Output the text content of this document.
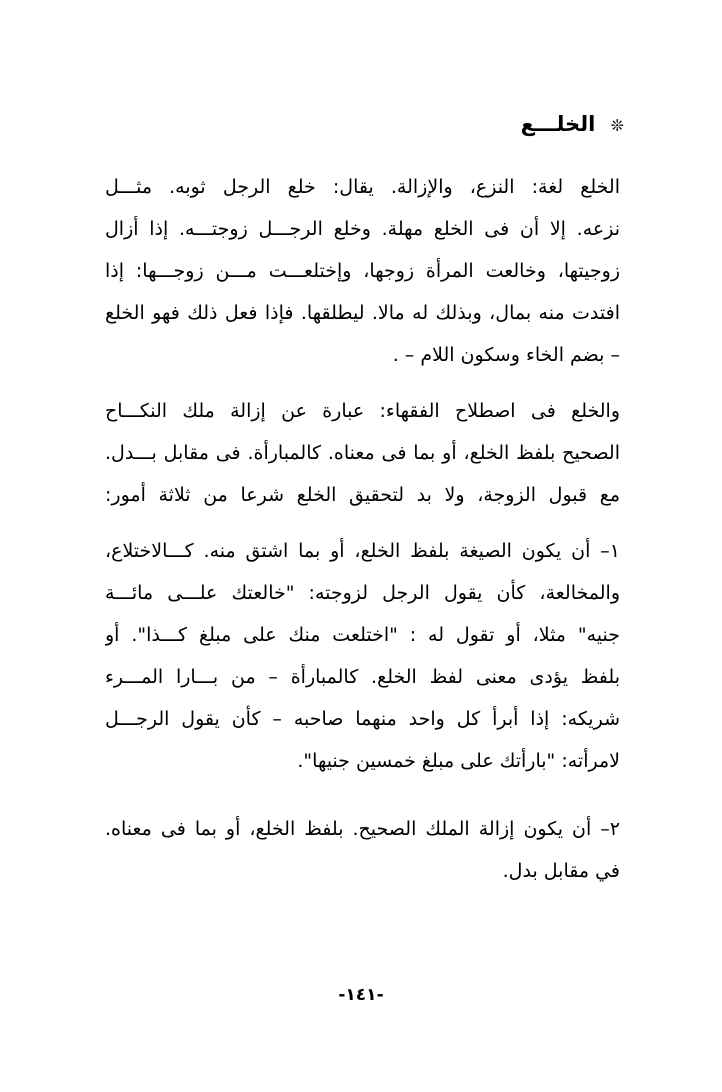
❊ الخلـــع
الخلع لغة: النزع، والإزالة. يقال: خلع الرجل ثوبه. مثـــل
نزعه. إلا أن فى الخلع مهلة. وخلع الرجـــل زوجتـــه. إذا أزال
زوجيتها، وخالعت المرأة زوجها، وإختلعـــت مـــن زوجـــها: إذا
افتدت منه بمال، وبذلك له مالا. ليطلقها. فإذا فعل ذلك فهو الخلع
– بضم الخاء وسكون اللام – .
والخلع فى اصطلاح الفقهاء: عبارة عن إزالة ملك النكـــاح
الصحيح بلفظ الخلع، أو بما فى معناه. كالمبارأة. فى مقابل بـــدل.
مع قبول الزوجة، ولا بد لتحقيق الخلع شرعا من ثلاثة أمور:
١– أن يكون الصيغة بلفظ الخلع، أو بما اشتق منه. كـــالاختلاع،
والمخالعة، كأن يقول الرجل لزوجته: "خالعتك علـــى مائـــة
جنيه" مثلا، أو تقول له : "اختلعت منك على مبلغ كـــذا". أو
بلفظ يؤدى معنى لفظ الخلع. كالمبارأة – من بـــارا المـــرء
شريكه: إذا أبرأ كل واحد منهما صاحبه – كأن يقول الرجـــل
لامرأته: "بارأتك على مبلغ خمسين جنيها".
٢– أن يكون إزالة الملك الصحيح. بلفظ الخلع، أو بما فى معناه.
في مقابل بدل.
-١٤١-
